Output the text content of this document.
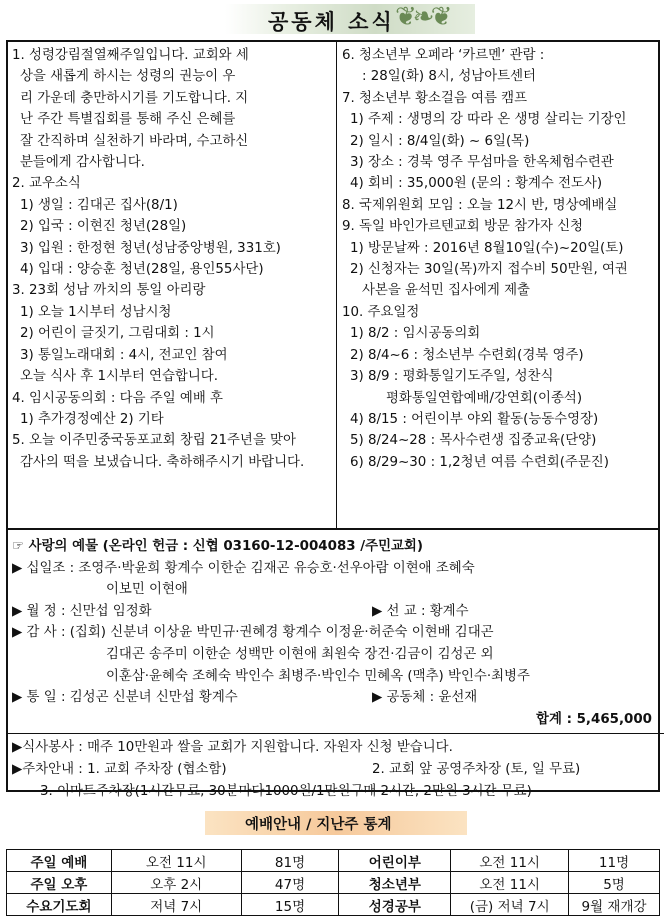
공동체 소식 ❦❧❦

1. 성령강림절열째주일입니다. 교회와 세

상을 새롭게 하시는 성령의 권능이 우

리 가운데 충만하시기를 기도합니다. 지

난 주간 특별집회를 통해 주신 은혜를

잘 간직하며 실천하기 바라며, 수고하신

분들에게 감사합니다.

2. 교우소식

1) 생일 : 김대곤 집사(8/1)

2) 입국 : 이현진 청년(28일)

3) 입원 : 한정현 청년(성남중앙병원, 331호)

4) 입대 : 양승훈 청년(28일, 용인55사단)

3. 23회 성남 까치의 통일 아리랑

1) 오늘 1시부터 성남시청

2) 어린이 글짓기, 그림대회 : 1시

3) 통일노래대회 : 4시, 전교인 참여

오늘 식사 후 1시부터 연습합니다.

4. 임시공동의회 : 다음 주일 예배 후

1) 추가경정예산 2) 기타

5. 오늘 이주민중국동포교회 창립 21주년을 맞아

감사의 떡을 보냈습니다. 축하해주시기 바랍니다.

6. 청소년부 오페라 ‘카르멘’ 관람 :

: 28일(화) 8시, 성남아트센터

7. 청소년부 황소걸음 여름 캠프

1) 주제 : 생명의 강 따라 온 생명 살리는 기장인

2) 일시 : 8/4일(화) ~ 6일(목)

3) 장소 : 경북 영주 무섬마을 한옥체험수련관

4) 회비 : 35,000원 (문의 : 황계수 전도사)

8. 국제위원회 모임 : 오늘 12시 반, 명상예배실

9. 독일 바인가르텐교회 방문 참가자 신청

1) 방문날짜 : 2016년 8월10일(수)~20일(토)

2) 신청자는 30일(목)까지 접수비 50만원, 여권

사본을 윤석민 집사에게 제출

10. 주요일정

1) 8/2 : 임시공동의회

2) 8/4~6 : 청소년부 수련회(경북 영주)

3) 8/9 : 평화통일기도주일, 성찬식

평화통일연합예배/강연회(이종석)

4) 8/15 : 어린이부 야외 활동(능동수영장)

5) 8/24~28 : 목사수련생 집중교육(단양)

6) 8/29~30 : 1,2청년 여름 수련회(주문진)

☞ 사랑의 예물 (온라인 헌금 : 신협 03160-12-004083 /주민교회)

▶ 십일조 : 조영주·박윤희 황계수 이한순 김재곤 유승호·선우아람 이현애 조혜숙

이보민 이현애

▶ 월 정 : 신만섭 임정화	▶ 선 교 : 황계수

▶ 감 사 : (집회) 신분녀 이상윤 박민규·권혜경 황계수 이정윤·허준숙 이현배 김대곤

김대곤 송주미 이한순 성백만 이현애 최원숙 장건·김금이 김성곤 외

이훈삼·윤혜숙 조혜숙 박인수 최병주·박인수 민혜옥 (맥추) 박인수·최병주

▶ 통 일 : 김성곤 신분녀 신만섭 황계수	▶ 공동체 : 윤선재

합계 : 5,465,000

▶식사봉사 : 매주 10만원과 쌀을 교회가 지원합니다. 자원자 신청 받습니다.

▶주차안내 : 1. 교회 주차장 (협소함)	2. 교회 앞 공영주차장 (토, 일 무료)

3. 이마트주차장(1시간무료, 30분마다1000원/1만원구매 2시간, 2만원 3시간 무료)

예배안내 / 지난주 통계
주일 예배	오전 11시	81명	어린이부	오전 11시	11명
주일 오후	오후 2시	47명	청소년부	오전 11시	5명
수요기도회	저녁 7시	15명	성경공부	(금) 저녁 7시	9월 재개강
